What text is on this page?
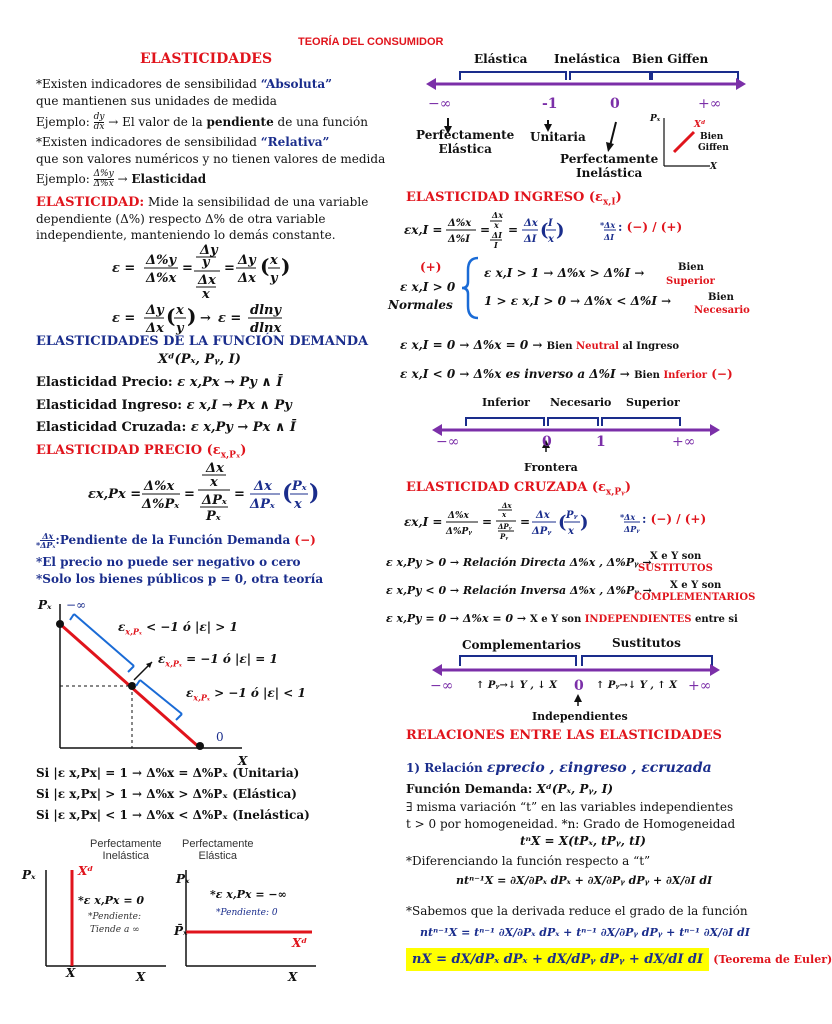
TEORÍA DEL CONSUMIDOR
ELASTICIDADES
*Existen indicadores de sensibilidad “Absoluta”
que mantienen sus unidades de medida
Ejemplo: $\frac{dy}{dx} \to El$ valor de la pendiente de una función
*Existen indicadores de sensibilidad “Relativa”
que son valores numéricos y no tienen valores de medida
Ejemplo: $\frac{\Delta\%y}{\Delta\%x}$ → Elasticidad
ELASTICIDAD: Mide la sensibilidad de una variable
dependiente (Δ%) respecto Δ% de otra variable
independiente, manteniendo lo demás constante.
ε =
Δ%y
Δ%x
=
Δy
y
Δx
x
=
Δy
Δx
( x
y
)
ε =
Δy
Δx
( x
y
) → ε =
dlny
dlnx
ELASTICIDADES DE LA FUNCIÓN DEMANDA
Xᵈ(Pₓ, Pᵧ, I)
Elasticidad Precio: ε x,Px → Py ∧ Ī
Elasticidad Ingreso: ε x,I → Px ∧ Py
Elasticidad Cruzada: ε x,Py → Px ∧ Ī
ELASTICIDAD PRECIO $(\varepsilon_{x,P_x})$
εx,Px =
Δ%x
Δ%Pₓ
=
Δx
x
ΔPₓ
Pₓ
=
Δx
ΔPₓ ( Pₓ
x )
*
Δx
ΔPₓ :Pendiente de la Función Demanda (−)
*El precio no puede ser negativo o cero
*Solo los bienes públicos p = 0, otra teoría
Pₓ −∞
X
0
$\varepsilon_{x,P_x} < -1$ ó |ε| > 1
$\varepsilon_{x,P_x} = -1$ ó |ε| = 1
$\varepsilon_{x,P_x} > -1$ ó |ε| < 1
Si |ε x,Px| = 1 → Δ%x = Δ%Pₓ (Unitaria)
Si |ε x,Px| > 1 → Δ%x > Δ%Pₓ (Elástica)
Si |ε x,Px| < 1 → Δ%x < Δ%Pₓ (Inelástica)
Perfectamente
Inelástica
Perfectamente
Elástica
Pₓ	Xᵈ
*ε x,Px = 0
*Pendiente:
Tiende a ∞
X̄	X
Pₓ
*ε x,Px = −∞
*Pendiente: 0
P̄ₓ
Xᵈ
X
Elástica Inelástica Bien Giffen
−∞	-1	0	+∞
Perfectamente
Elástica
Unitaria
Perfectamente
Inelástica
Pₓ
Xᵈ
Bien
Giffen
X
ELASTICIDAD INGRESO $(\varepsilon_{x,I})$
εx,I = Δ%x
Δ%I
=
Δx
x
ΔI
I
= Δx
ΔI ( I
x )	*Δx
ΔI
: (−) / (+)
(+)
ε x,I > 0
Normales
ε x,I > 1 → Δ%x > Δ%I →	Bien
Superior
1 > ε x,I > 0 → Δ%x < Δ%I →	Bien
Necesario
ε x,I = 0 → Δ%x = 0 → Bien Neutral al Ingreso
ε x,I < 0 → Δ%x es inverso a Δ%I → Bien Inferior (−)
Inferior Necesario Superior
−∞	0	1	+∞
Frontera
ELASTICIDAD CRUZADA $(\varepsilon_{x,Pᵧ})$
εx,I = Δ%x
Δ%Pᵧ
=
Δx
x
ΔPᵧ
Pᵧ
= Δx
ΔPᵧ ( Pᵧ
x )	*Δx
ΔPᵧ
: (−) / (+)
ε x,Py > 0 → Relación Directa Δ%x , Δ%Pᵧ →
X e Y son
SUSTITUTOS
ε x,Py < 0 → Relación Inversa Δ%x , Δ%Pᵧ → X e Y son
COMPLEMENTARIOS
ε x,Py = 0 → Δ%x = 0 → X e Y son INDEPENDIENTES entre si
Complementarios	Sustitutos
−∞ ↑ Pᵧ→↓ Y , ↓ X 0 ↑ Pᵧ→↓ Y , ↑ X +∞
Independientes
RELACIONES ENTRE LAS ELASTICIDADES
1) Relación εprecio , εingreso , εcruzada
Función Demanda: Xᵈ(Pₓ, Pᵧ, I)
∃ misma variación “t” en las variables independientes
t > 0 por homogeneidad. *n: Grado de Homogeneidad
tⁿX = X(tPₓ, tPᵧ, tI)
*Diferenciando la función respecto a “t”
ntⁿ⁻¹X = ∂X/∂Pₓ dPₓ + ∂X/∂Pᵧ dPᵧ + ∂X/∂I dI
*Sabemos que la derivada reduce el grado de la función
ntⁿ⁻¹X = tⁿ⁻¹ ∂X/∂Pₓ dPₓ + tⁿ⁻¹ ∂X/∂Pᵧ dPᵧ + tⁿ⁻¹ ∂X/∂I dI
nX = dX/dPₓ dPₓ + dX/dPᵧ dPᵧ + dX/dI dI (Teorema de Euler)
